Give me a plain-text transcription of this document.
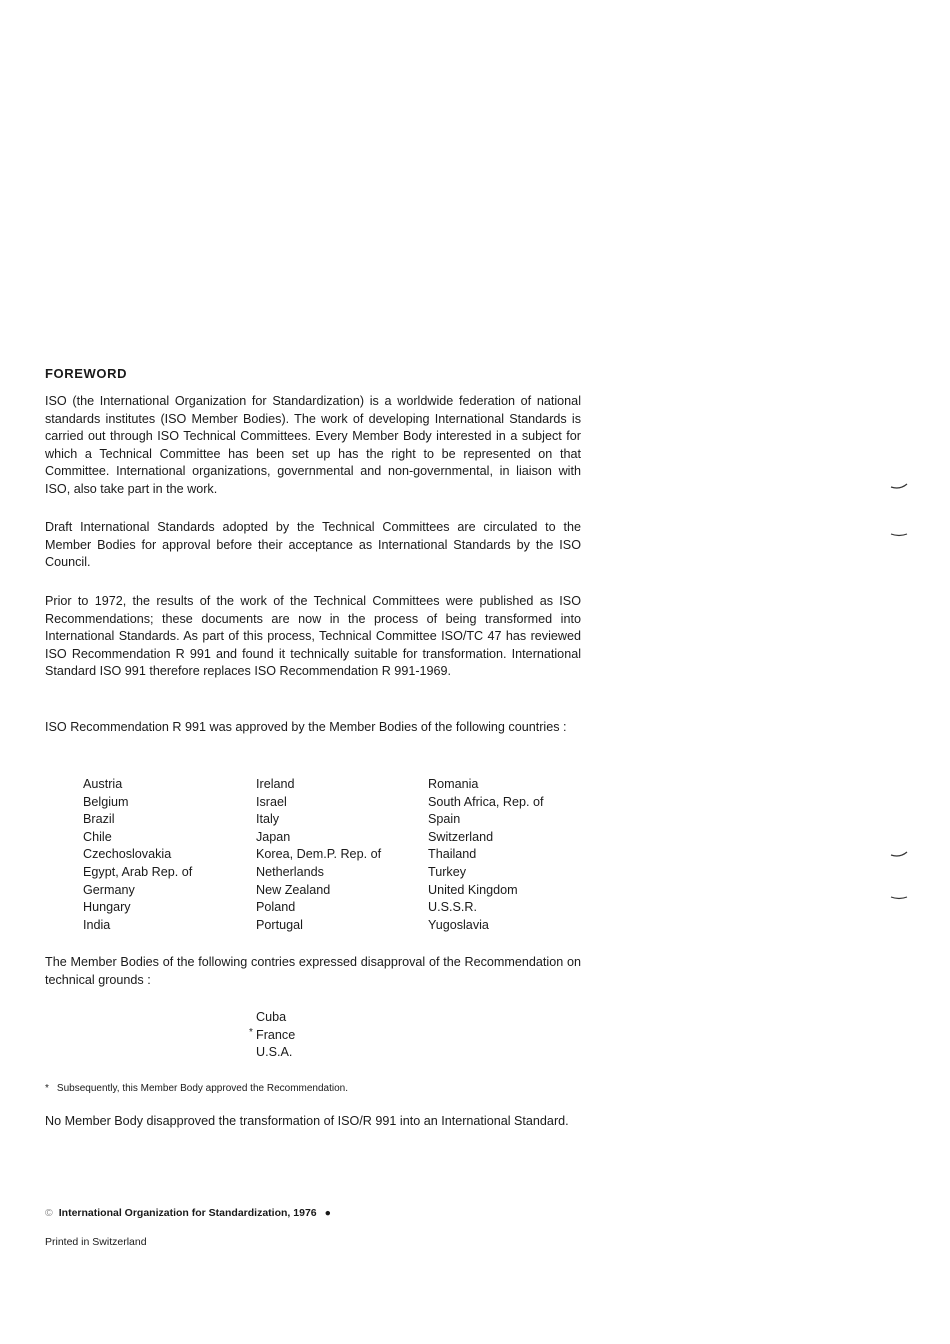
FOREWORD

ISO (the International Organization for Standardization) is a worldwide federation of national standards institutes (ISO Member Bodies). The work of developing International Standards is carried out through ISO Technical Committees. Every Member Body interested in a subject for which a Technical Committee has been set up has the right to be represented on that Committee. International organizations, governmental and non-governmental, in liaison with ISO, also take part in the work.

Draft International Standards adopted by the Technical Committees are circulated to the Member Bodies for approval before their acceptance as International Standards by the ISO Council.

Prior to 1972, the results of the work of the Technical Committees were published as ISO Recommendations; these documents are now in the process of being transformed into International Standards. As part of this process, Technical Committee ISO/TC 47 has reviewed ISO Recommendation R 991 and found it technically suitable for transformation. International Standard ISO 991 therefore replaces ISO Recommendation R 991-1969.

ISO Recommendation R 991 was approved by the Member Bodies of the following countries :

Austria
Belgium
Brazil
Chile
Czechoslovakia
Egypt, Arab Rep. of
Germany
Hungary
India
Ireland
Israel
Italy
Japan
Korea, Dem.P. Rep. of
Netherlands
New Zealand
Poland
Portugal
Romania
South Africa, Rep. of
Spain
Switzerland
Thailand
Turkey
United Kingdom
U.S.S.R.
Yugoslavia

The Member Bodies of the following contries expressed disapproval of the Recommendation on technical grounds :

Cuba
* France
U.S.A.
* Subsequently, this Member Body approved the Recommendation.

No Member Body disapproved the transformation of ISO/R 991 into an International Standard.

© International Organization for Standardization, 1976 ●
Printed in Switzerland
